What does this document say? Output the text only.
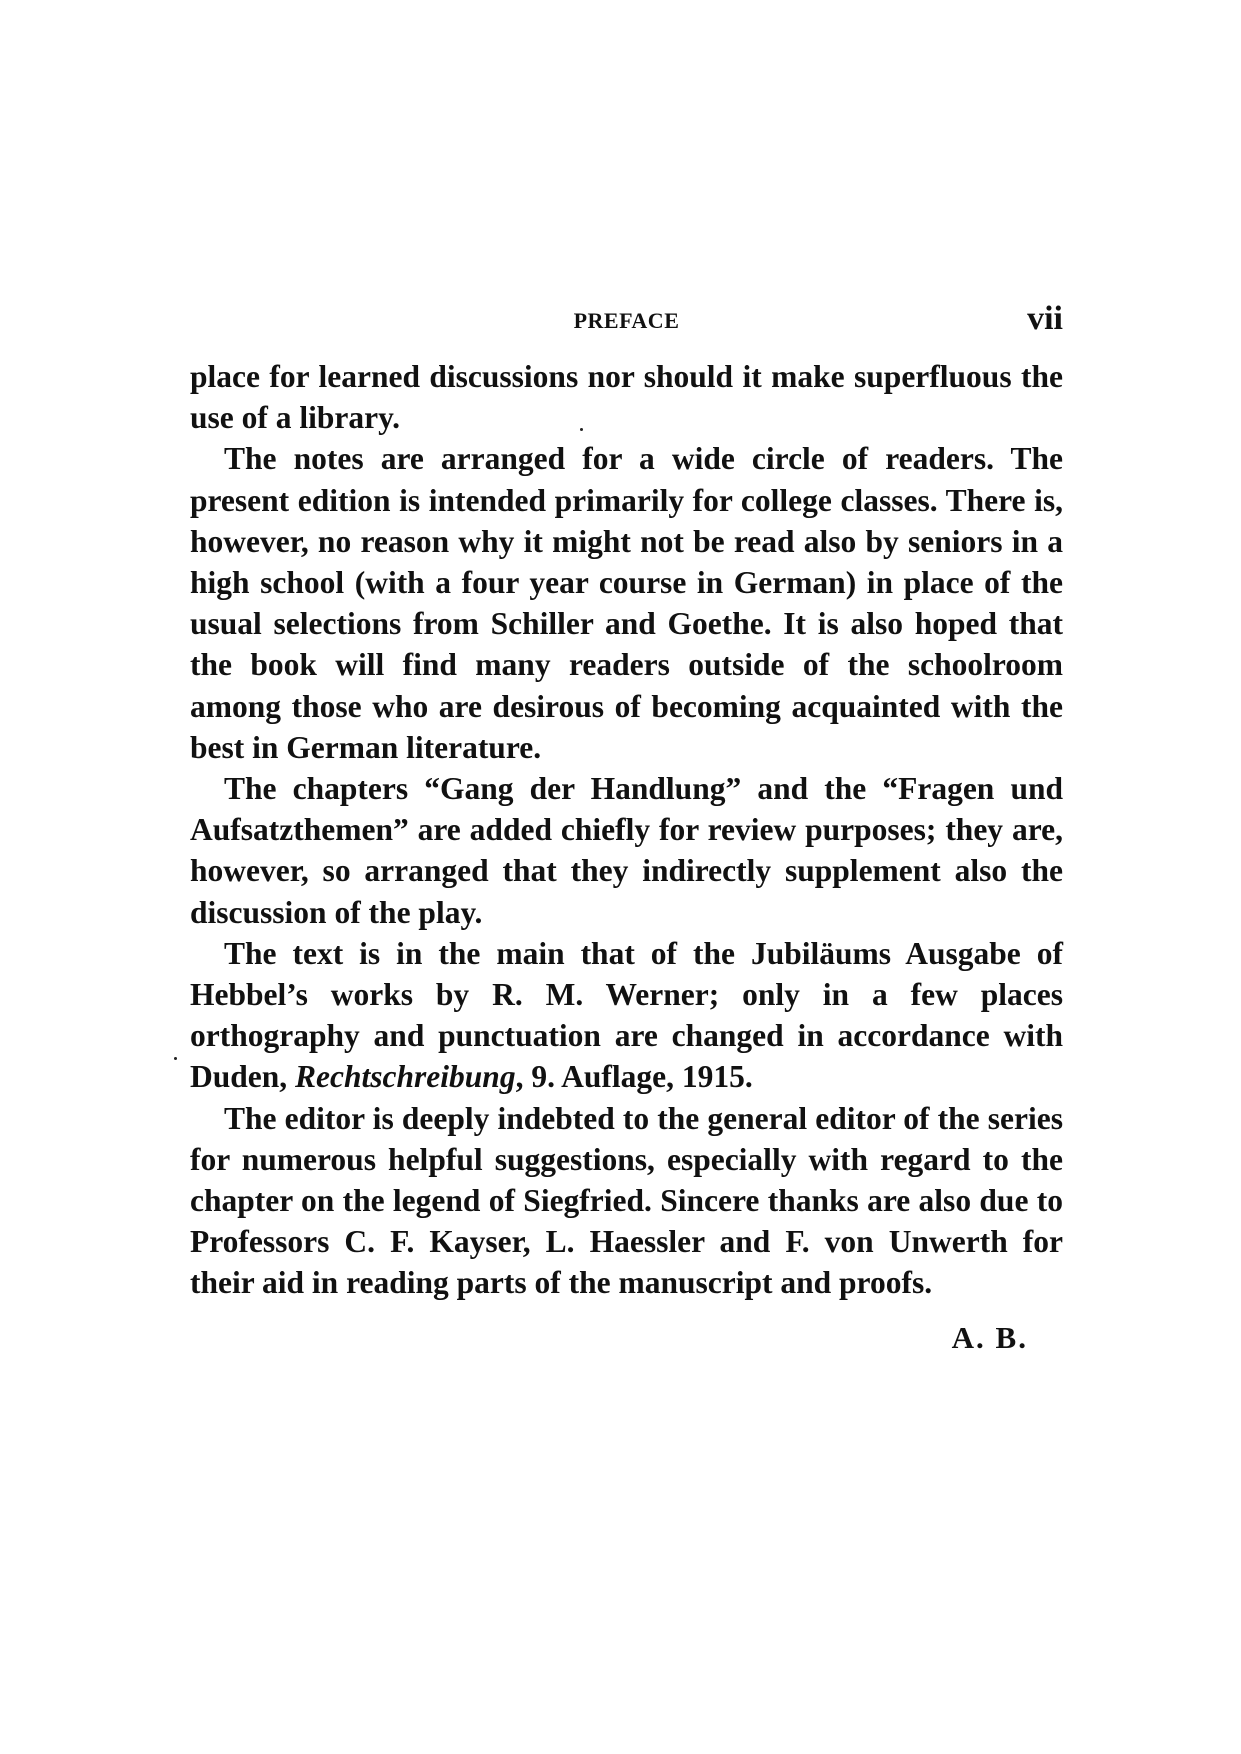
PREFACE	vii

place for learned discussions nor should it make superfluous the use of a library.

The notes are arranged for a wide circle of readers. The present edition is intended primarily for college classes. There is, however, no reason why it might not be read also by seniors in a high school (with a four year course in German) in place of the usual selections from Schiller and Goethe. It is also hoped that the book will find many readers outside of the schoolroom among those who are desirous of becoming acquainted with the best in German literature.

The chapters “Gang der Handlung” and the “Fragen und Aufsatzthemen” are added chiefly for review purposes; they are, however, so arranged that they indirectly supplement also the discussion of the play.

The text is in the main that of the Jubiläums Ausgabe of Hebbel’s works by R. M. Werner; only in a few places orthography and punctuation are changed in accordance with Duden, Rechtschreibung, 9. Auflage, 1915.

The editor is deeply indebted to the general editor of the series for numerous helpful suggestions, especially with regard to the chapter on the legend of Siegfried. Sincere thanks are also due to Professors C. F. Kayser, L. Haessler and F. von Unwerth for their aid in reading parts of the manuscript and proofs.

A. B.
